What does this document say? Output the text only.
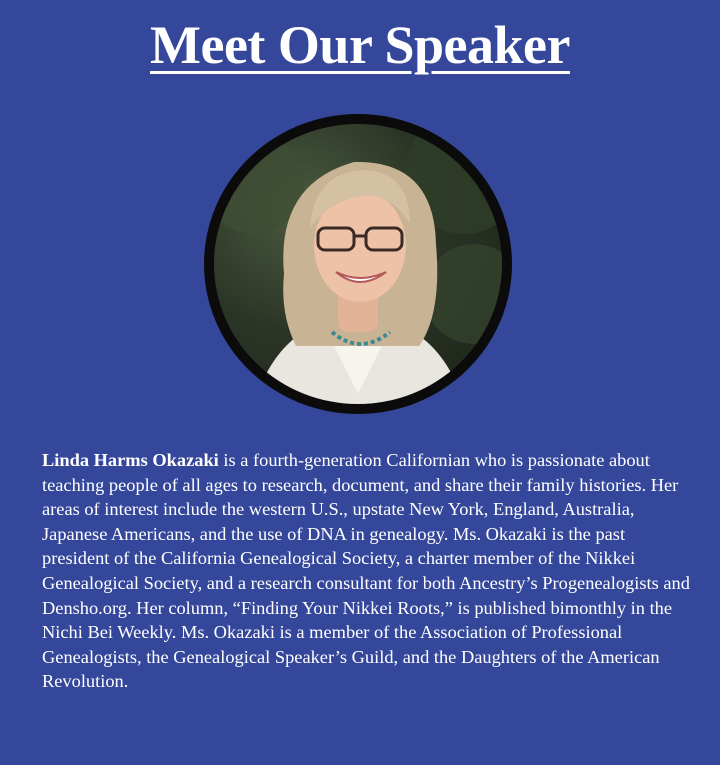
Meet Our Speaker
Linda Harms Okazaki is a fourth-generation Californian who is passionate about teaching people of all ages to research, document, and share their family histories. Her areas of interest include the western U.S., upstate New York, England, Australia, Japanese Americans, and the use of DNA in genealogy. Ms. Okazaki is the past president of the California Genealogical Society, a charter member of the Nikkei Genealogical Society, and a research consultant for both Ancestry’s Progenealogists and Densho.org. Her column, “Finding Your Nikkei Roots,” is published bimonthly in the Nichi Bei Weekly. Ms. Okazaki is a member of the Association of Professional Genealogists, the Genealogical Speaker’s Guild, and the Daughters of the American Revolution.
